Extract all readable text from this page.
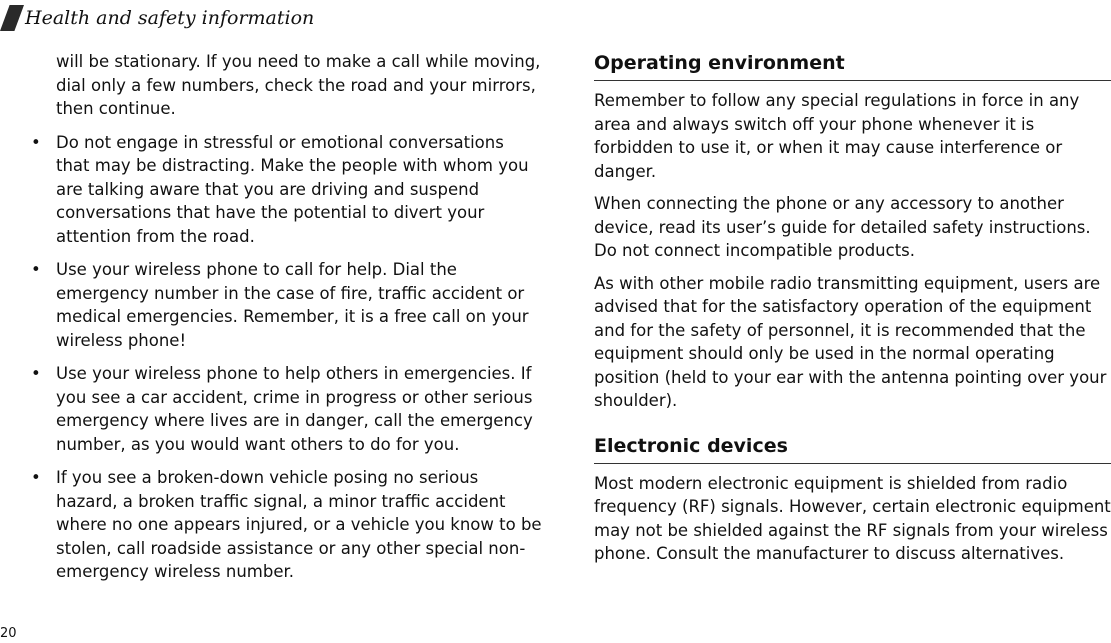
Health and safety information

will be stationary. If you need to make a call while moving, dial only a few numbers, check the road and your mirrors, then continue.

• Do not engage in stressful or emotional conversations that may be distracting. Make the people with whom you are talking aware that you are driving and suspend conversations that have the potential to divert your attention from the road.
• Use your wireless phone to call for help. Dial the emergency number in the case of fire, traffic accident or medical emergencies. Remember, it is a free call on your wireless phone!
• Use your wireless phone to help others in emergencies. If you see a car accident, crime in progress or other serious emergency where lives are in danger, call the emergency number, as you would want others to do for you.
• If you see a broken-down vehicle posing no serious hazard, a broken traffic signal, a minor traffic accident where no one appears injured, or a vehicle you know to be stolen, call roadside assistance or any other special non-emergency wireless number.
Operating environment

Remember to follow any special regulations in force in any area and always switch off your phone whenever it is forbidden to use it, or when it may cause interference or danger.

When connecting the phone or any accessory to another device, read its user’s guide for detailed safety instructions. Do not connect incompatible products.

As with other mobile radio transmitting equipment, users are advised that for the satisfactory operation of the equipment and for the safety of personnel, it is recommended that the equipment should only be used in the normal operating position (held to your ear with the antenna pointing over your shoulder).

Electronic devices

Most modern electronic equipment is shielded from radio frequency (RF) signals. However, certain electronic equipment may not be shielded against the RF signals from your wireless phone. Consult the manufacturer to discuss alternatives.

20
